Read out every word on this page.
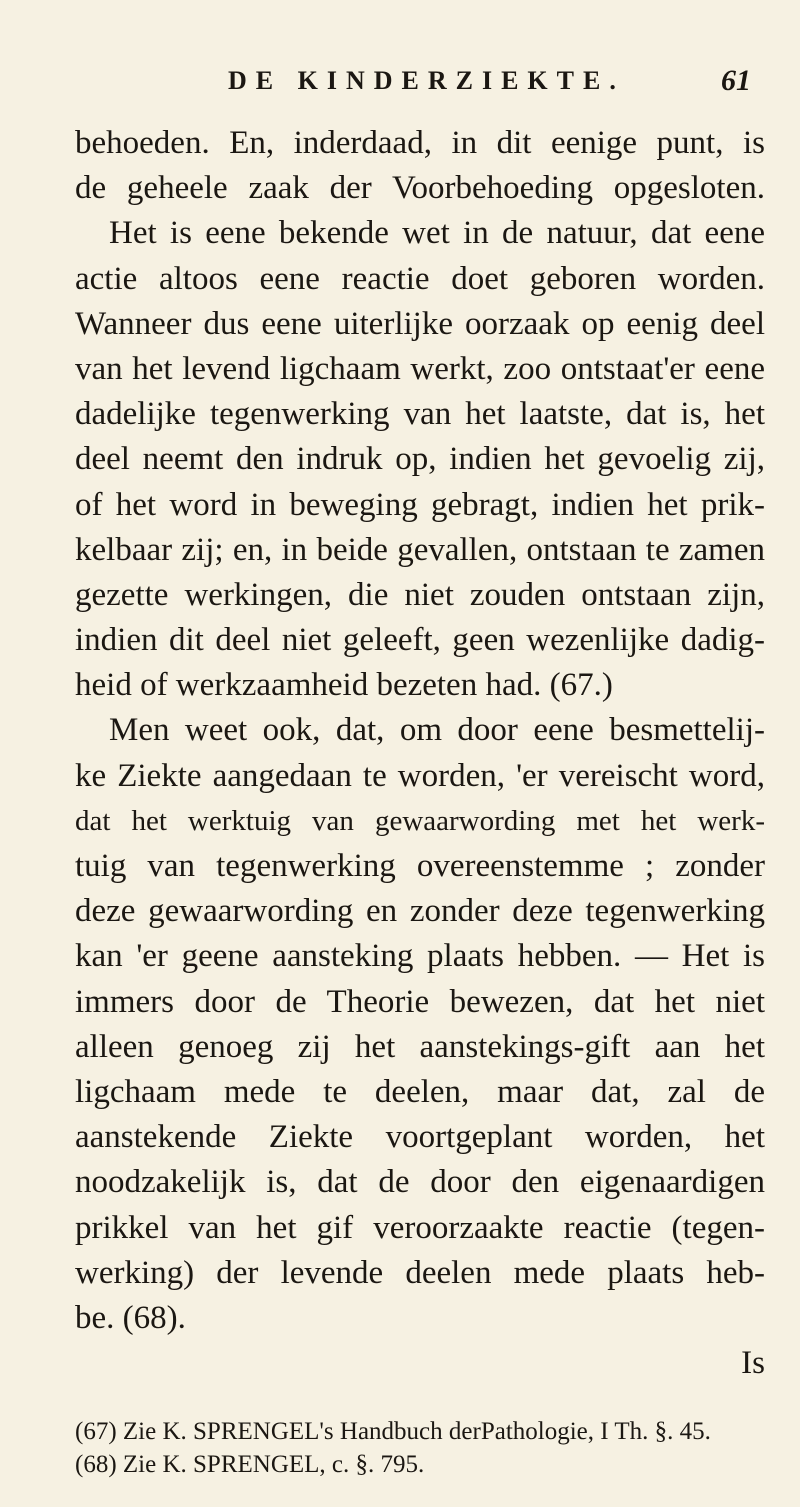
DE KINDERZIEKTE.	61
behoeden. En, inderdaad, in dit eenige punt, is
de geheele zaak der Voorbehoeding opgesloten.
Het is eene bekende wet in de natuur, dat eene
actie altoos eene reactie doet geboren worden.
Wanneer dus eene uiterlijke oorzaak op eenig deel
van het levend ligchaam werkt, zoo ontstaat'er eene
dadelijke tegenwerking van het laatste, dat is, het
deel neemt den indruk op, indien het gevoelig zij,
of het word in beweging gebragt, indien het prik-
kelbaar zij; en, in beide gevallen, ontstaan te zamen
gezette werkingen, die niet zouden ontstaan zijn,
indien dit deel niet geleeft, geen wezenlijke dadig-
heid of werkzaamheid bezeten had. (67.)
Men weet ook, dat, om door eene besmettelij-
ke Ziekte aangedaan te worden, 'er vereischt word,
dat het werktuig van gewaarwording met het werk-
tuig van tegenwerking overeenstemme ; zonder
deze gewaarwording en zonder deze tegenwerking
kan 'er geene aansteking plaats hebben. — Het is
immers door de Theorie bewezen, dat het niet
alleen genoeg zij het aanstekings-gift aan het
ligchaam mede te deelen, maar dat, zal de
aanstekende Ziekte voortgeplant worden, het
noodzakelijk is, dat de door den eigenaardigen
prikkel van het gif veroorzaakte reactie (tegen-
werking) der levende deelen mede plaats heb-
be. (68).
Is
(67) Zie K. SPRENGEL's Handbuch derPathologie, I Th. §. 45.
(68) Zie K. SPRENGEL, c. §. 795.
